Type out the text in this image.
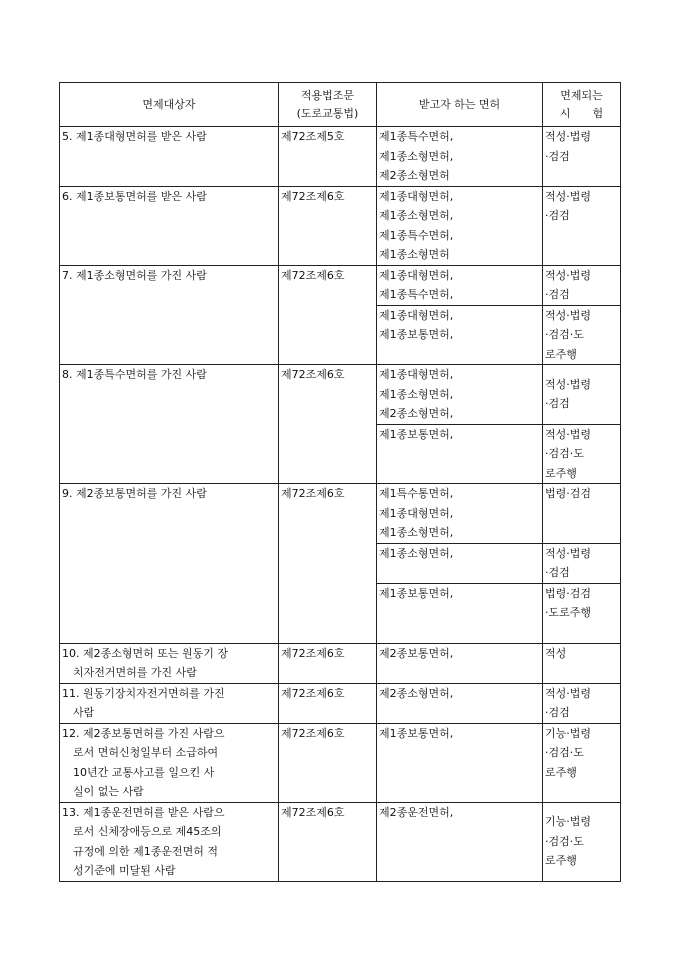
면제대상자	적용법조문
(도로교통법)	받고자 하는 면허	면제되는
시　　험
5. 제1종대형면허를 받은 사람	제72조제5호	제1종특수면허,
제1종소형면허,
제2종소형면허	적성·법령
·검검
6. 제1종보통면허를 받은 사람	제72조제6호	제1종대형면허,
제1종소형면허,
제1종특수면허,
제1종소형면허	적성·법령
·검검
7. 제1종소형면허를 가진 사람	제72조제6호	제1종대형면허,
제1종특수면허,	적성·법령
·검검
		제1종대형면허,
제1종보통면허,	적성·법령
·검검·도
로주행
8. 제1종특수면허를 가진 사람	제72조제6호	제1종대형면허,
제1종소형면허,
제2종소형면허,	적성·법령
·검검
		제1종보통면허,	적성·법령
·검검·도
로주행
9. 제2종보통면허를 가진 사람	제72조제6호	제1특수통면허,
제1종대형면허,
제1종소형면허,	법령·검검
		제1종소형면허,	적성·법령
·검검
		제1종보통면허,	법령·검검
·도로주행
10. 제2종소형면허 또는 원동기 장
　치자전거면허를 가진 사람	제72조제6호	제2종보통면허,	적성
11. 원동기장치자전거면허를 가진
　사람	제72조제6호	제2종소형면허,	적성·법령
·검검
12. 제2종보통면허를 가진 사람으
　로서 면허신청일부터 소급하여
　10년간 교통사고를 일으킨 사
　실이 없는 사람	제72조제6호	제1종보통면허,	기능·법령
·검검·도
로주행
13. 제1종운전면허를 받은 사람으
　로서 신체장애등으로 제45조의
　규정에 의한 제1종운전면허 적
　성기준에 미달된 사람	제72조제6호	제2종운전면허,	기능·법령
·검검·도
로주행
